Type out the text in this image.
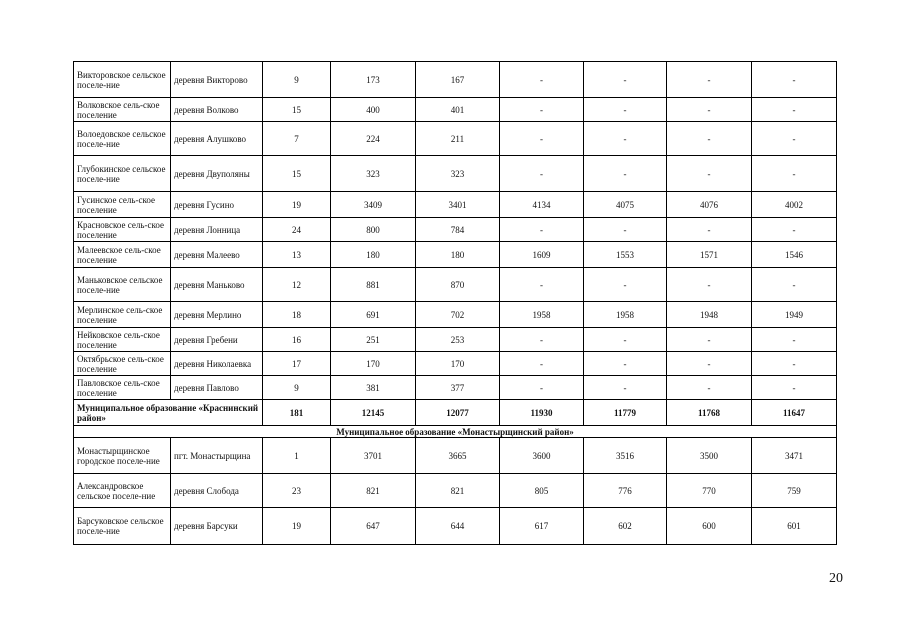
Викторовское сельское поселе-ние	деревня Викторово	9	173	167	-	-	-	-
Волковское сель-ское поселение	деревня Волково	15	400	401	-	-	-	-
Волоедовское сельское поселе-ние	деревня Алушково	7	224	211	-	-	-	-
Глубокинское сельское поселе-ние	деревня Двуполяны	15	323	323	-	-	-	-
Гусинское сель-ское поселение	деревня Гусино	19	3409	3401	4134	4075	4076	4002
Красновское сель-ское поселение	деревня Лонница	24	800	784	-	-	-	-
Малеевское сель-ское поселение	деревня Малеево	13	180	180	1609	1553	1571	1546
Маньковское сельское поселе-ние	деревня Маньково	12	881	870	-	-	-	-
Мерлинское сель-ское поселение	деревня Мерлино	18	691	702	1958	1958	1948	1949
Нейковское сель-ское поселение	деревня Гребени	16	251	253	-	-	-	-
Октябрьское сель-ское поселение	деревня Николаевка	17	170	170	-	-	-	-
Павловское сель-ское поселение	деревня Павлово	9	381	377	-	-	-	-
Муниципальное образование «Краснинский район»		181	12145	12077	11930	11779	11768	11647
Муниципальное образование «Монастырщинский район»								
Монастырщинское городское поселе-ние	пгт. Монастырщина	1	3701	3665	3600	3516	3500	3471
Александровское сельское поселе-ние	деревня Слобода	23	821	821	805	776	770	759
Барсуковское сельское поселе-ние	деревня Барсуки	19	647	644	617	602	600	601
20
